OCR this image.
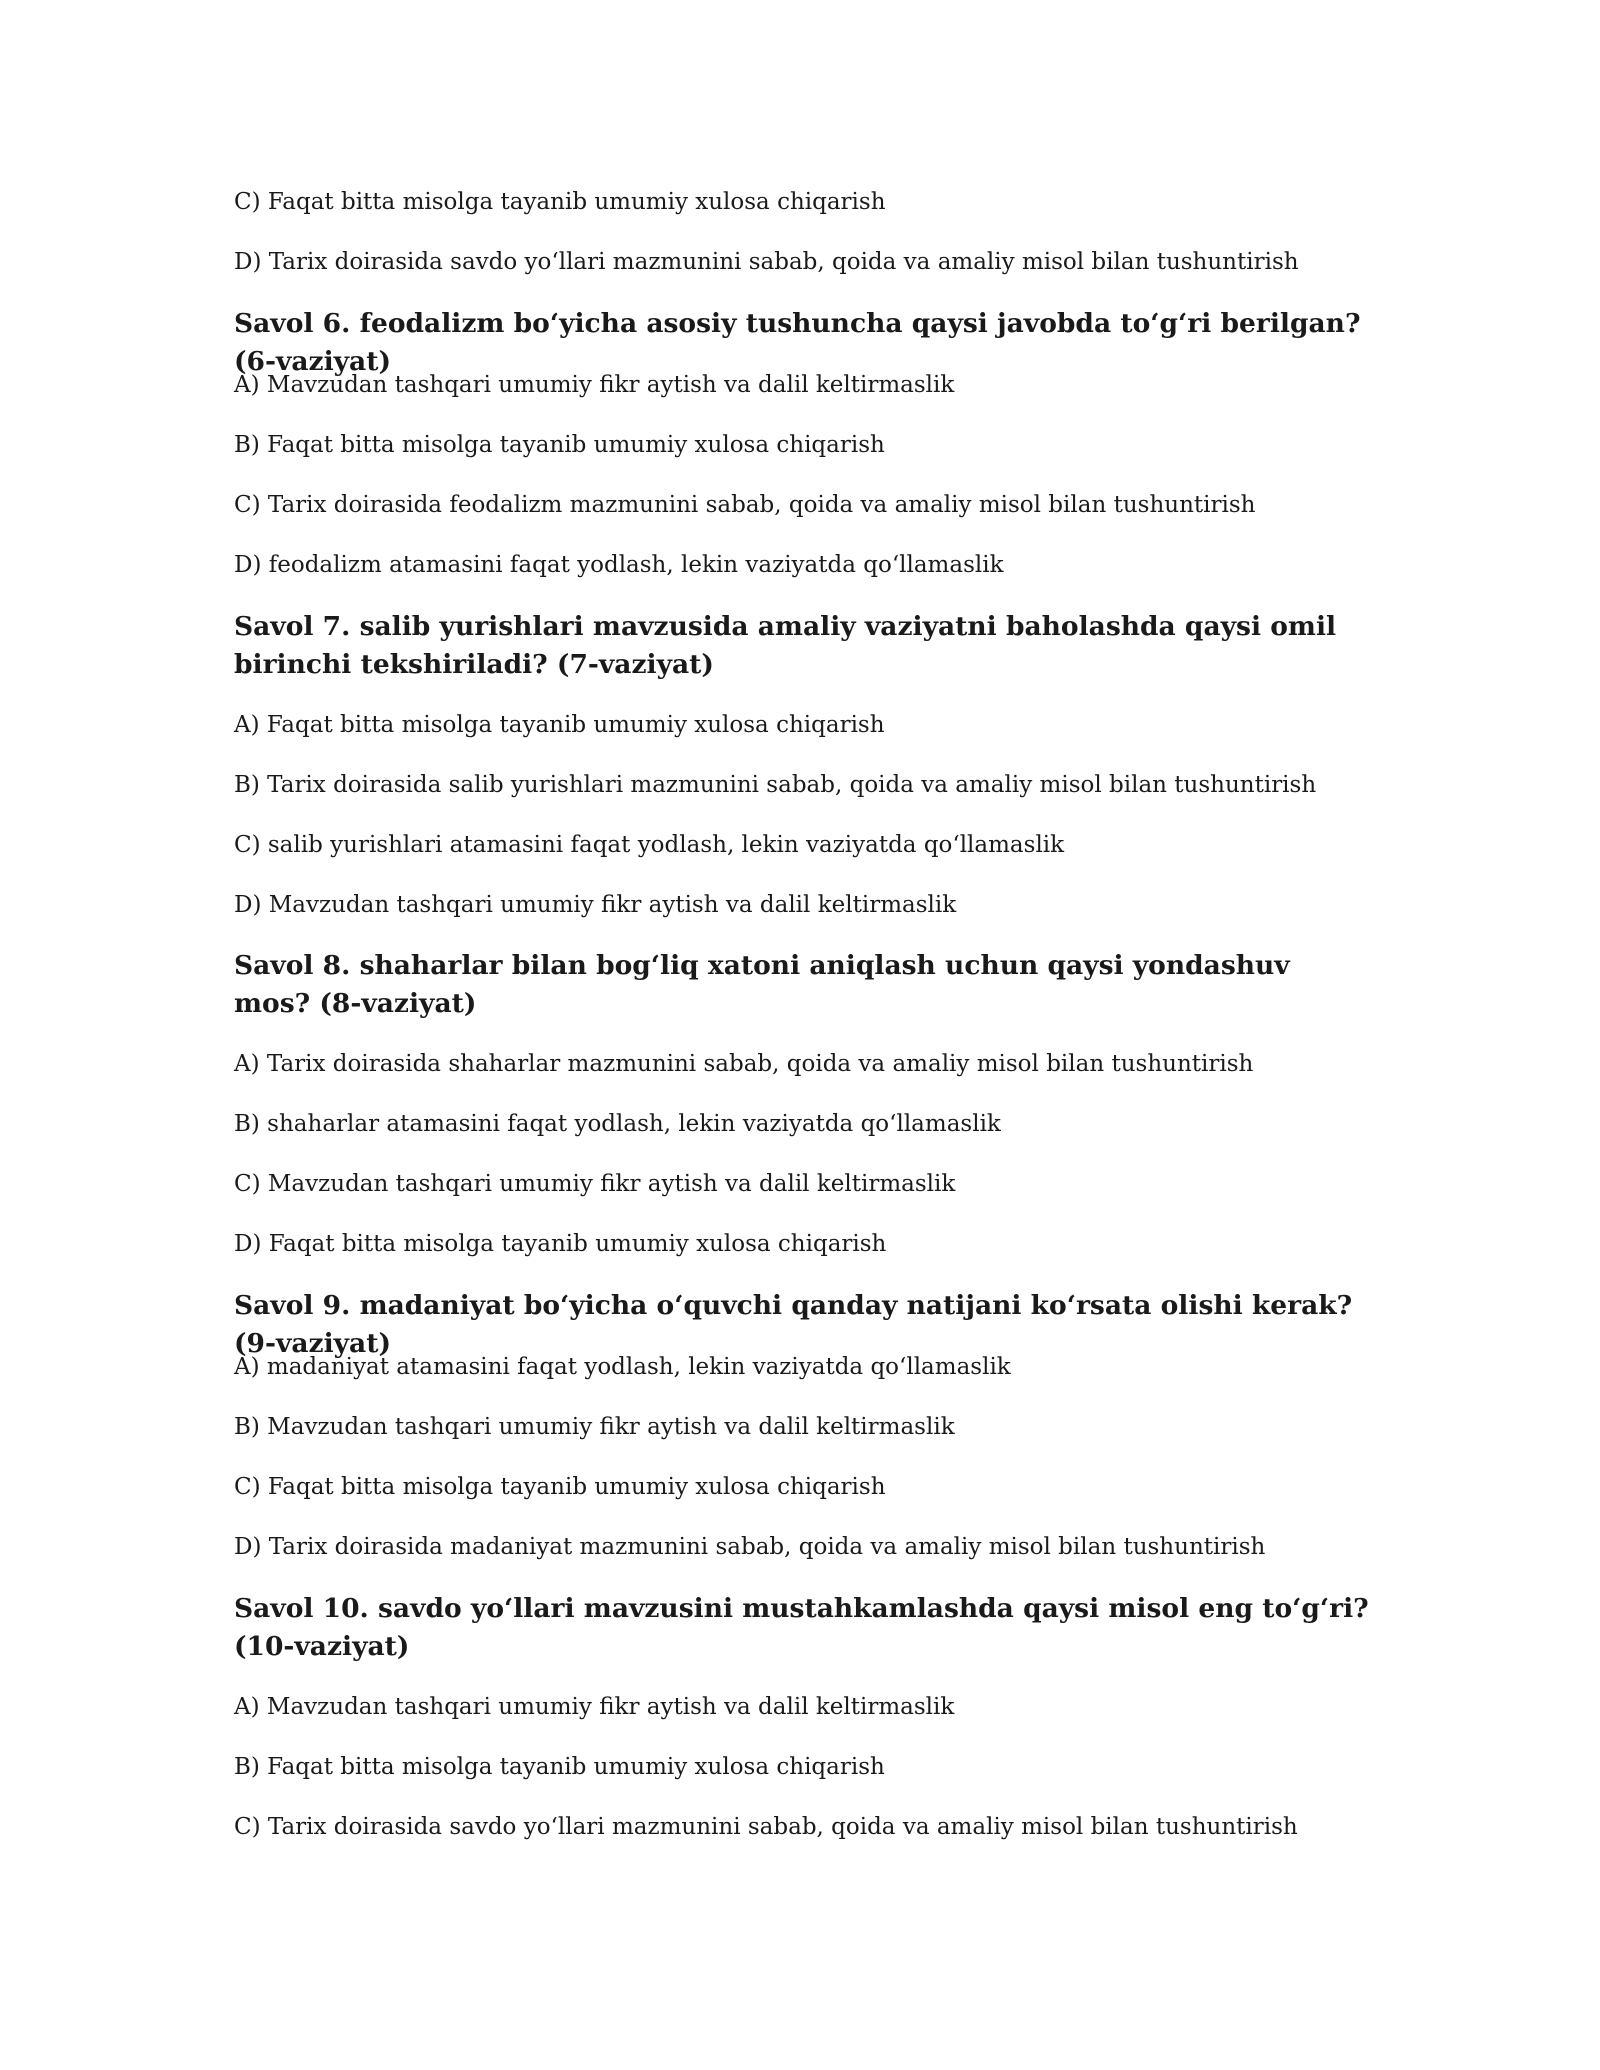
C) Faqat bitta misolga tayanib umumiy xulosa chiqarish

D) Tarix doirasida savdo yo‘llari mazmunini sabab, qoida va amaliy misol bilan tushuntirish

Savol 6. feodalizm bo‘yicha asosiy tushuncha qaysi javobda to‘g‘ri berilgan? (6-vaziyat)

A) Mavzudan tashqari umumiy fikr aytish va dalil keltirmaslik

B) Faqat bitta misolga tayanib umumiy xulosa chiqarish

C) Tarix doirasida feodalizm mazmunini sabab, qoida va amaliy misol bilan tushuntirish

D) feodalizm atamasini faqat yodlash, lekin vaziyatda qo‘llamaslik

Savol 7. salib yurishlari mavzusida amaliy vaziyatni baholashda qaysi omil birinchi tekshiriladi? (7-vaziyat)

A) Faqat bitta misolga tayanib umumiy xulosa chiqarish

B) Tarix doirasida salib yurishlari mazmunini sabab, qoida va amaliy misol bilan tushuntirish

C) salib yurishlari atamasini faqat yodlash, lekin vaziyatda qo‘llamaslik

D) Mavzudan tashqari umumiy fikr aytish va dalil keltirmaslik

Savol 8. shaharlar bilan bog‘liq xatoni aniqlash uchun qaysi yondashuv mos? (8-vaziyat)

A) Tarix doirasida shaharlar mazmunini sabab, qoida va amaliy misol bilan tushuntirish

B) shaharlar atamasini faqat yodlash, lekin vaziyatda qo‘llamaslik

C) Mavzudan tashqari umumiy fikr aytish va dalil keltirmaslik

D) Faqat bitta misolga tayanib umumiy xulosa chiqarish

Savol 9. madaniyat bo‘yicha o‘quvchi qanday natijani ko‘rsata olishi kerak? (9-vaziyat)

A) madaniyat atamasini faqat yodlash, lekin vaziyatda qo‘llamaslik

B) Mavzudan tashqari umumiy fikr aytish va dalil keltirmaslik

C) Faqat bitta misolga tayanib umumiy xulosa chiqarish

D) Tarix doirasida madaniyat mazmunini sabab, qoida va amaliy misol bilan tushuntirish

Savol 10. savdo yo‘llari mavzusini mustahkamlashda qaysi misol eng to‘g‘ri? (10-vaziyat)

A) Mavzudan tashqari umumiy fikr aytish va dalil keltirmaslik

B) Faqat bitta misolga tayanib umumiy xulosa chiqarish

C) Tarix doirasida savdo yo‘llari mazmunini sabab, qoida va amaliy misol bilan tushuntirish
